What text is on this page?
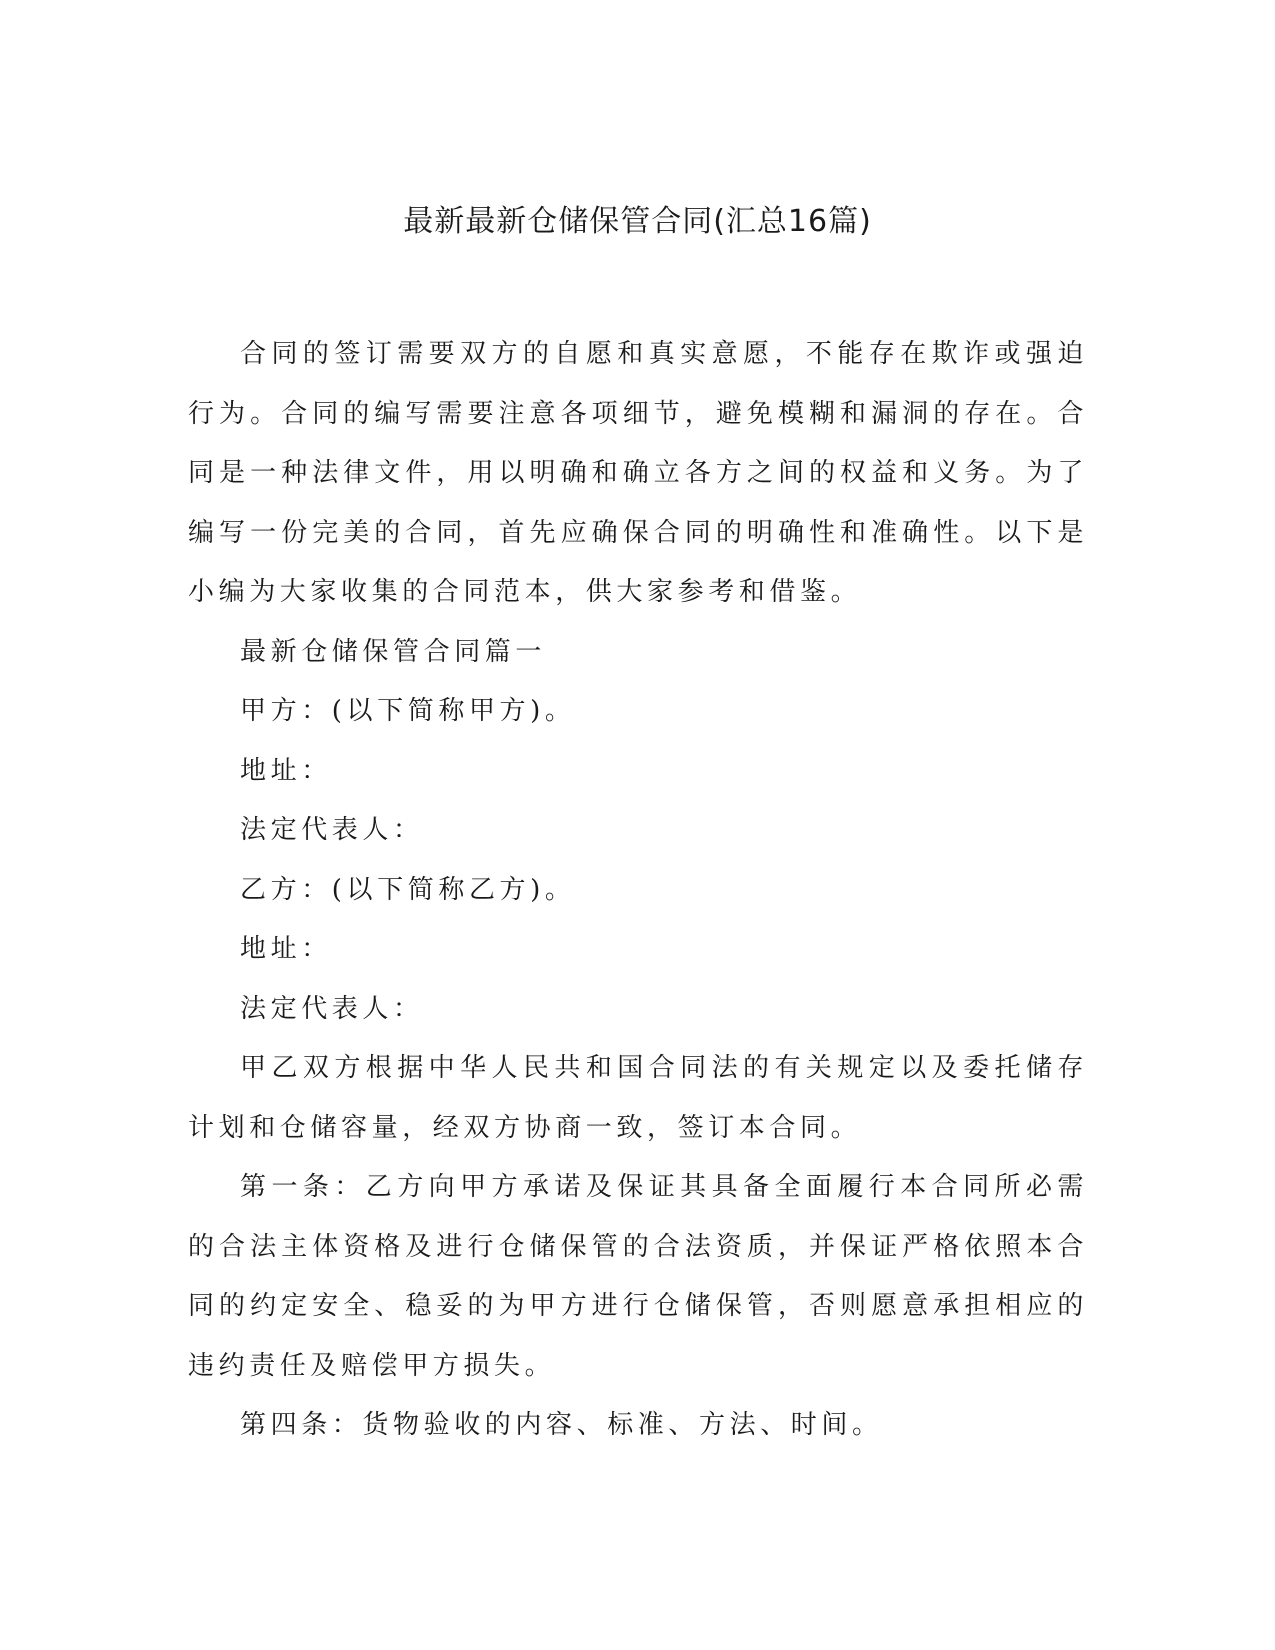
最新最新仓储保管合同(汇总16篇)

合同的签订需要双方的自愿和真实意愿，不能存在欺诈或强迫行为。合同的编写需要注意各项细节，避免模糊和漏洞的存在。合同是一种法律文件，用以明确和确立各方之间的权益和义务。为了编写一份完美的合同，首先应确保合同的明确性和准确性。以下是小编为大家收集的合同范本，供大家参考和借鉴。

最新仓储保管合同篇一

甲方：(以下简称甲方)。

地址：

法定代表人：

乙方：(以下简称乙方)。

地址：

法定代表人：

甲乙双方根据中华人民共和国合同法的有关规定以及委托储存计划和仓储容量，经双方协商一致，签订本合同。

第一条：乙方向甲方承诺及保证其具备全面履行本合同所必需的合法主体资格及进行仓储保管的合法资质，并保证严格依照本合同的约定安全、稳妥的为甲方进行仓储保管，否则愿意承担相应的违约责任及赔偿甲方损失。

第四条：货物验收的内容、标准、方法、时间。
